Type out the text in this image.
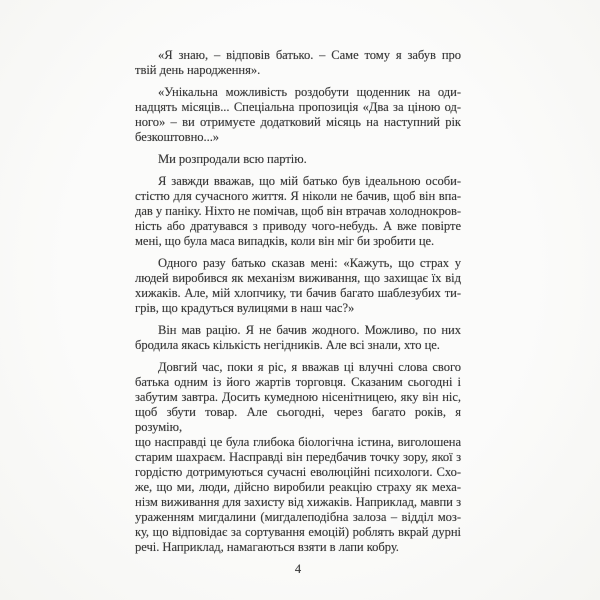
«Я знаю, – відповів батько. – Саме тому я забув про
твій день народження».
«Унікальна можливість роздобути щоденник на оди-
надцять місяців... Спеціальна пропозиція «Два за ціною од-
ного» – ви отримуєте додатковий місяць на наступний рік
безкоштовно...»
Ми розпродали всю партію.
Я завжди вважав, що мій батько був ідеальною особи-
стістю для сучасного життя. Я ніколи не бачив, щоб він впа-
дав у паніку. Ніхто не помічав, щоб він втрачав холоднокров-
ність або дратувався з приводу чого-небудь. А вже повірте
мені, що була маса випадків, коли він міг би зробити це.
Одного разу батько сказав мені: «Кажуть, що страх у
людей виробився як механізм виживання, що захищає їх від
хижаків. Але, мій хлопчику, ти бачив багато шаблезубих ти-
грів, що крадуться вулицями в наш час?»
Він мав рацію. Я не бачив жодного. Можливо, по них
бродила якась кількість негідників. Але всі знали, хто це.
Довгий час, поки я ріс, я вважав ці влучні слова свого
батька одним із його жартів торговця. Сказаним сьогодні і
забутим завтра. Досить кумедною нісенітницею, яку він ніс,
щоб збути товар. Але сьогодні, через багато років, я розумію,
що насправді це була глибока біологічна істина, виголошена
старим шахраєм. Насправді він передбачив точку зору, якої з
гордістю дотримуються сучасні еволюційні психологи. Схо-
же, що ми, люди, дійсно виробили реакцію страху як меха-
нізм виживання для захисту від хижаків. Наприклад, мавпи з
ураженням мигдалини (мигдалеподібна залоза – відділ моз-
ку, що відповідає за сортування емоцій) роблять вкрай дурні
речі. Наприклад, намагаються взяти в лапи кобру.
4
